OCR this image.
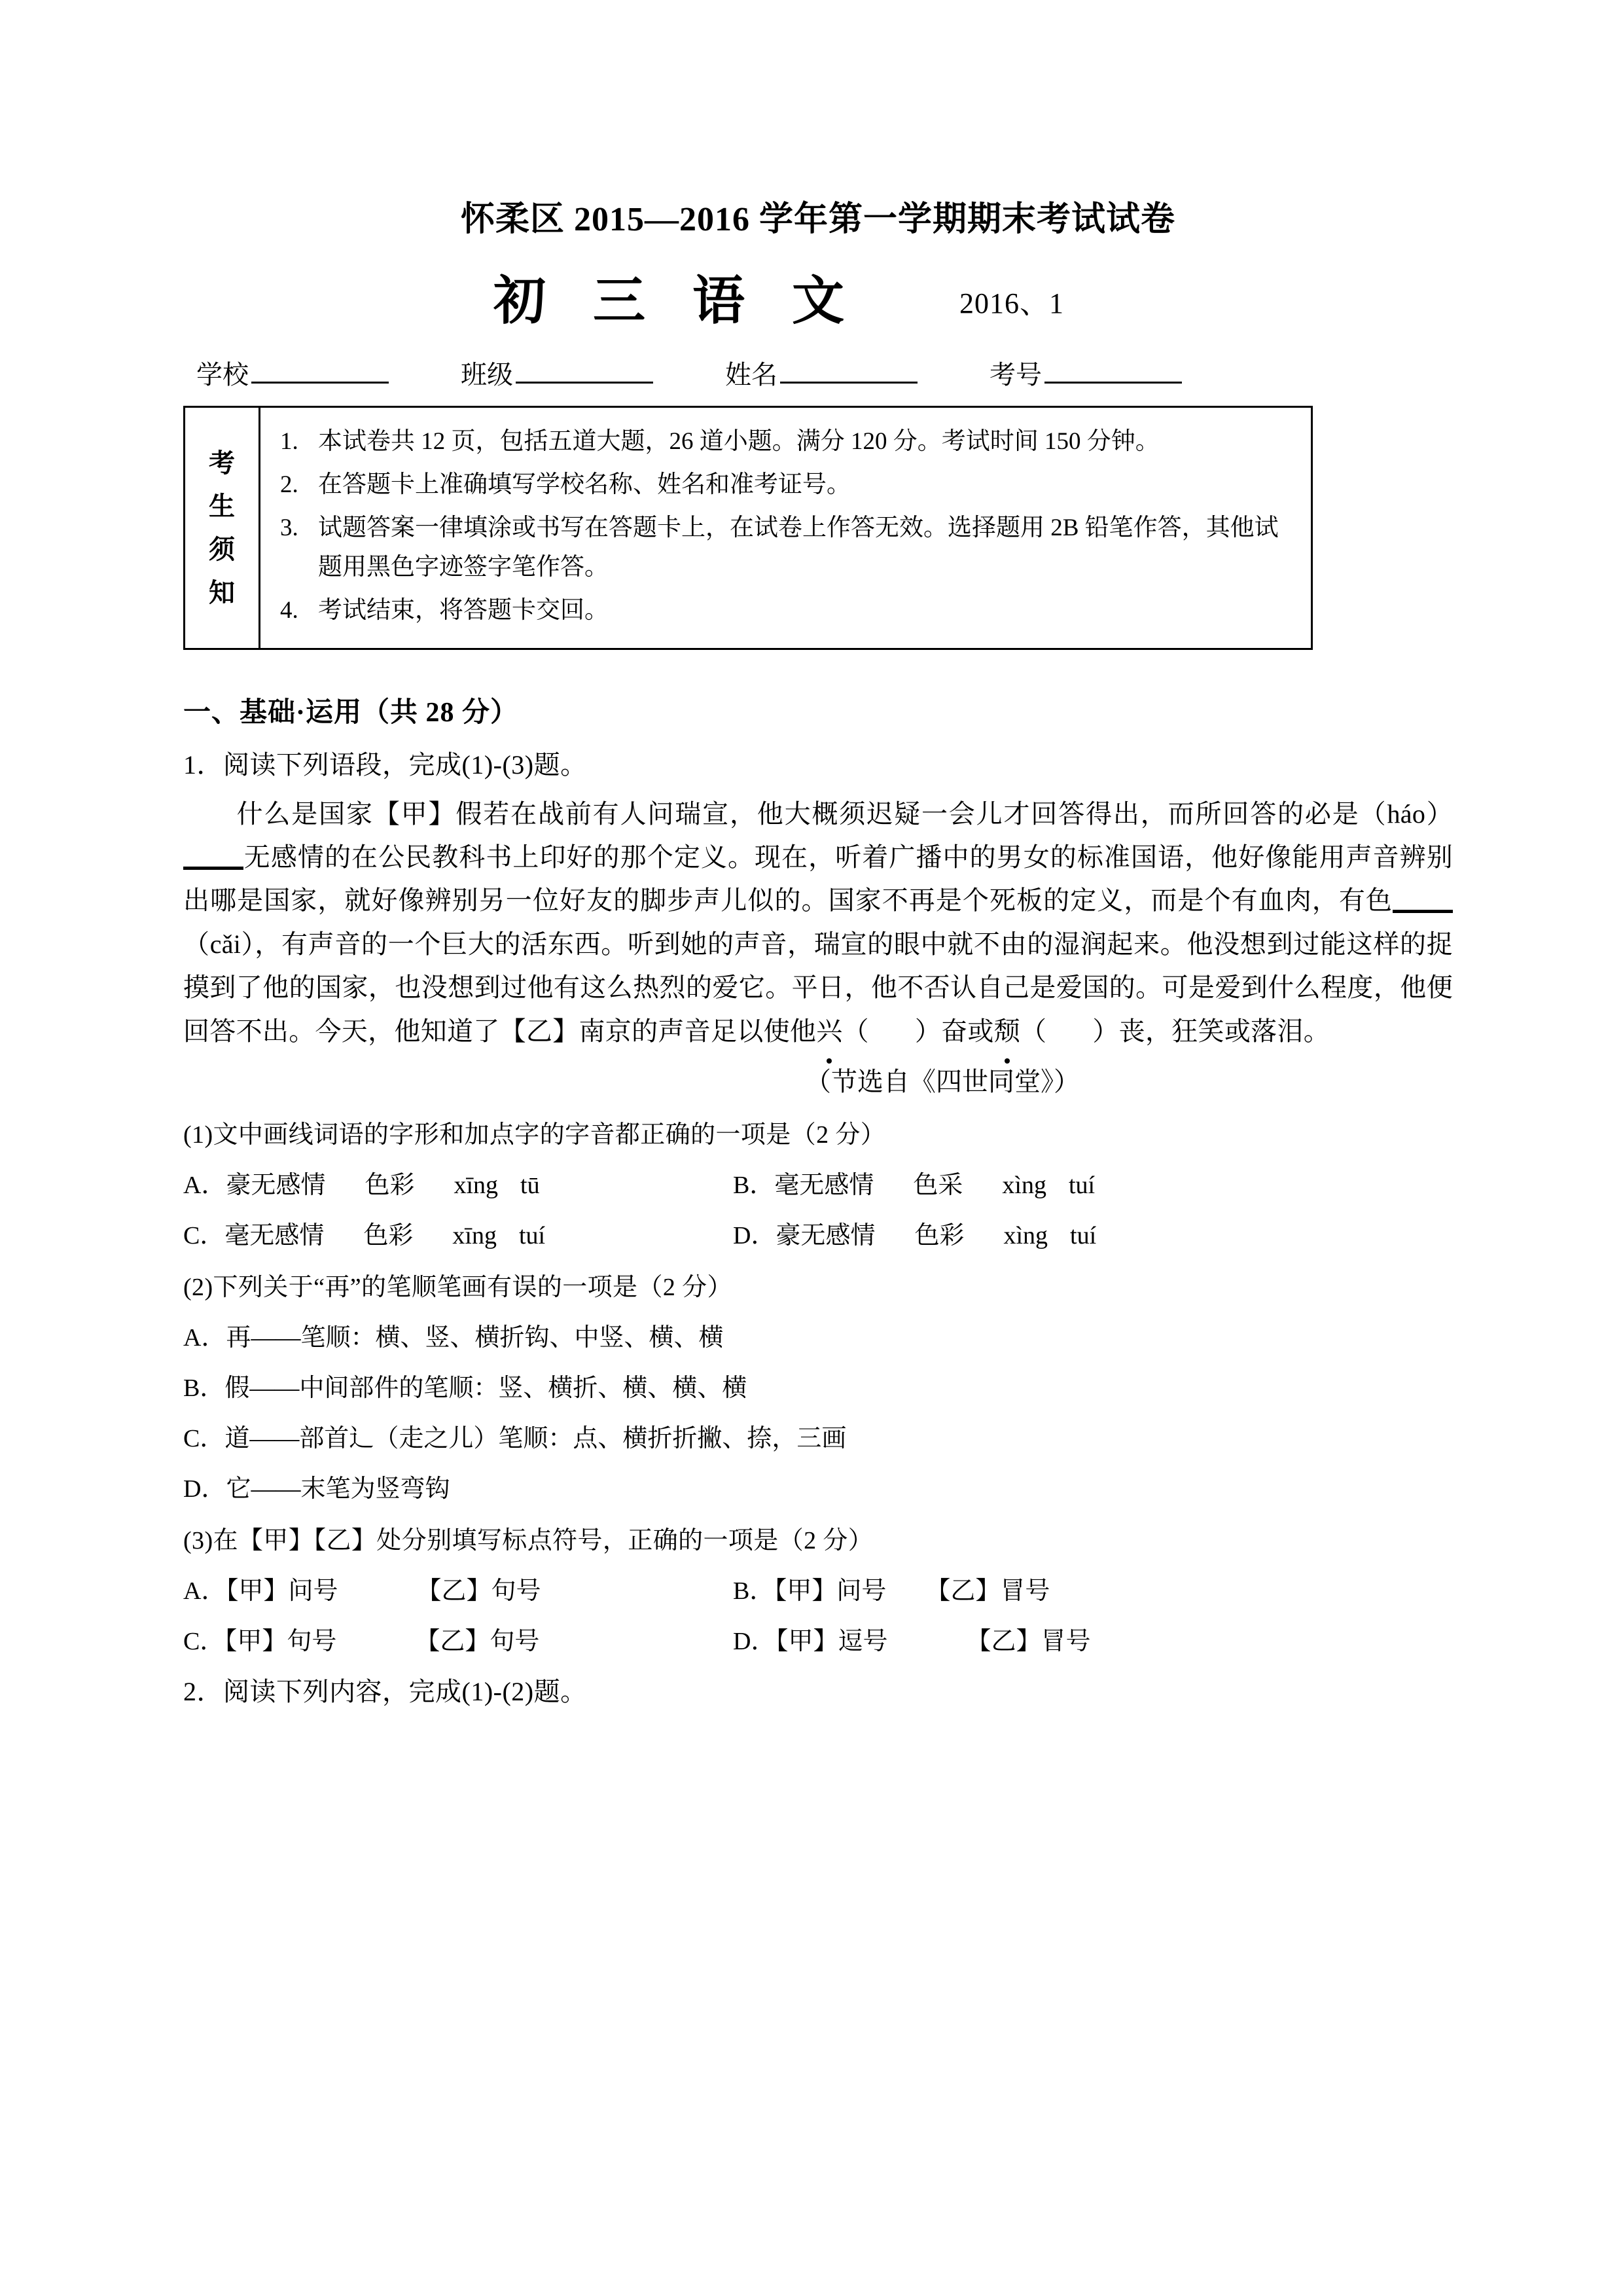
怀柔区 2015—2016 学年第一学期期末考试试卷
初 三 语 文	2016、1
学校	班级	姓名	考号
考
生
须
知
1. 本试卷共 12 页，包括五道大题，26 道小题。满分 120 分。考试时间 150 分钟。
2. 在答题卡上准确填写学校名称、姓名和准考证号。
3. 试题答案一律填涂或书写在答题卡上，在试卷上作答无效。选择题用 2B 铅笔作答，其他试题用黑色字迹签字笔作答。
4. 考试结束，将答题卡交回。
一、基础·运用（共 28 分）
1．阅读下列语段，完成(1)-(3)题。

什么是国家【甲】假若在战前有人问瑞宣，他大概须迟疑一会儿才回答得出，而所回答的必是（háo）无感情的在公民教科书上印好的那个定义。现在，听着广播中的男女的标准国语，他好像能用声音辨别出哪是国家，就好像辨别另一位好友的脚步声儿似的。国家不再是个死板的定义，而是个有血肉，有色（cǎi），有声音的一个巨大的活东西。听到她的声音，瑞宣的眼中就不由的湿润起来。他没想到过能这样的捉摸到了他的国家，也没想到过他有这么热烈的爱它。平日，他不否认自己是爱国的。可是爱到什么程度，他便回答不出。今天，他知道了【乙】南京的声音足以使他兴（ ）奋或颓（ ）丧，狂笑或落泪。

（节选自《四世同堂》）
(1)文中画线词语的字形和加点字的字音都正确的一项是（2 分）
A．豪无感情 色彩 xīng tū	B．毫无感情 色采 xìng tuí
C．毫无感情 色彩 xīng tuí	D．豪无感情 色彩 xìng tuí
(2)下列关于“再”的笔顺笔画有误的一项是（2 分）
A．再——笔顺：横、竖、横折钩、中竖、横、横
B．假——中间部件的笔顺：竖、横折、横、横、横
C．道——部首辶（走之儿）笔顺：点、横折折撇、捺，三画
D．它——末笔为竖弯钩
(3)在【甲】【乙】处分别填写标点符号，正确的一项是（2 分）
A．【甲】问号	【乙】句号	B．【甲】问号 【乙】冒号
C．【甲】句号	【乙】句号	D．【甲】逗号	【乙】冒号
2．阅读下列内容，完成(1)-(2)题。
